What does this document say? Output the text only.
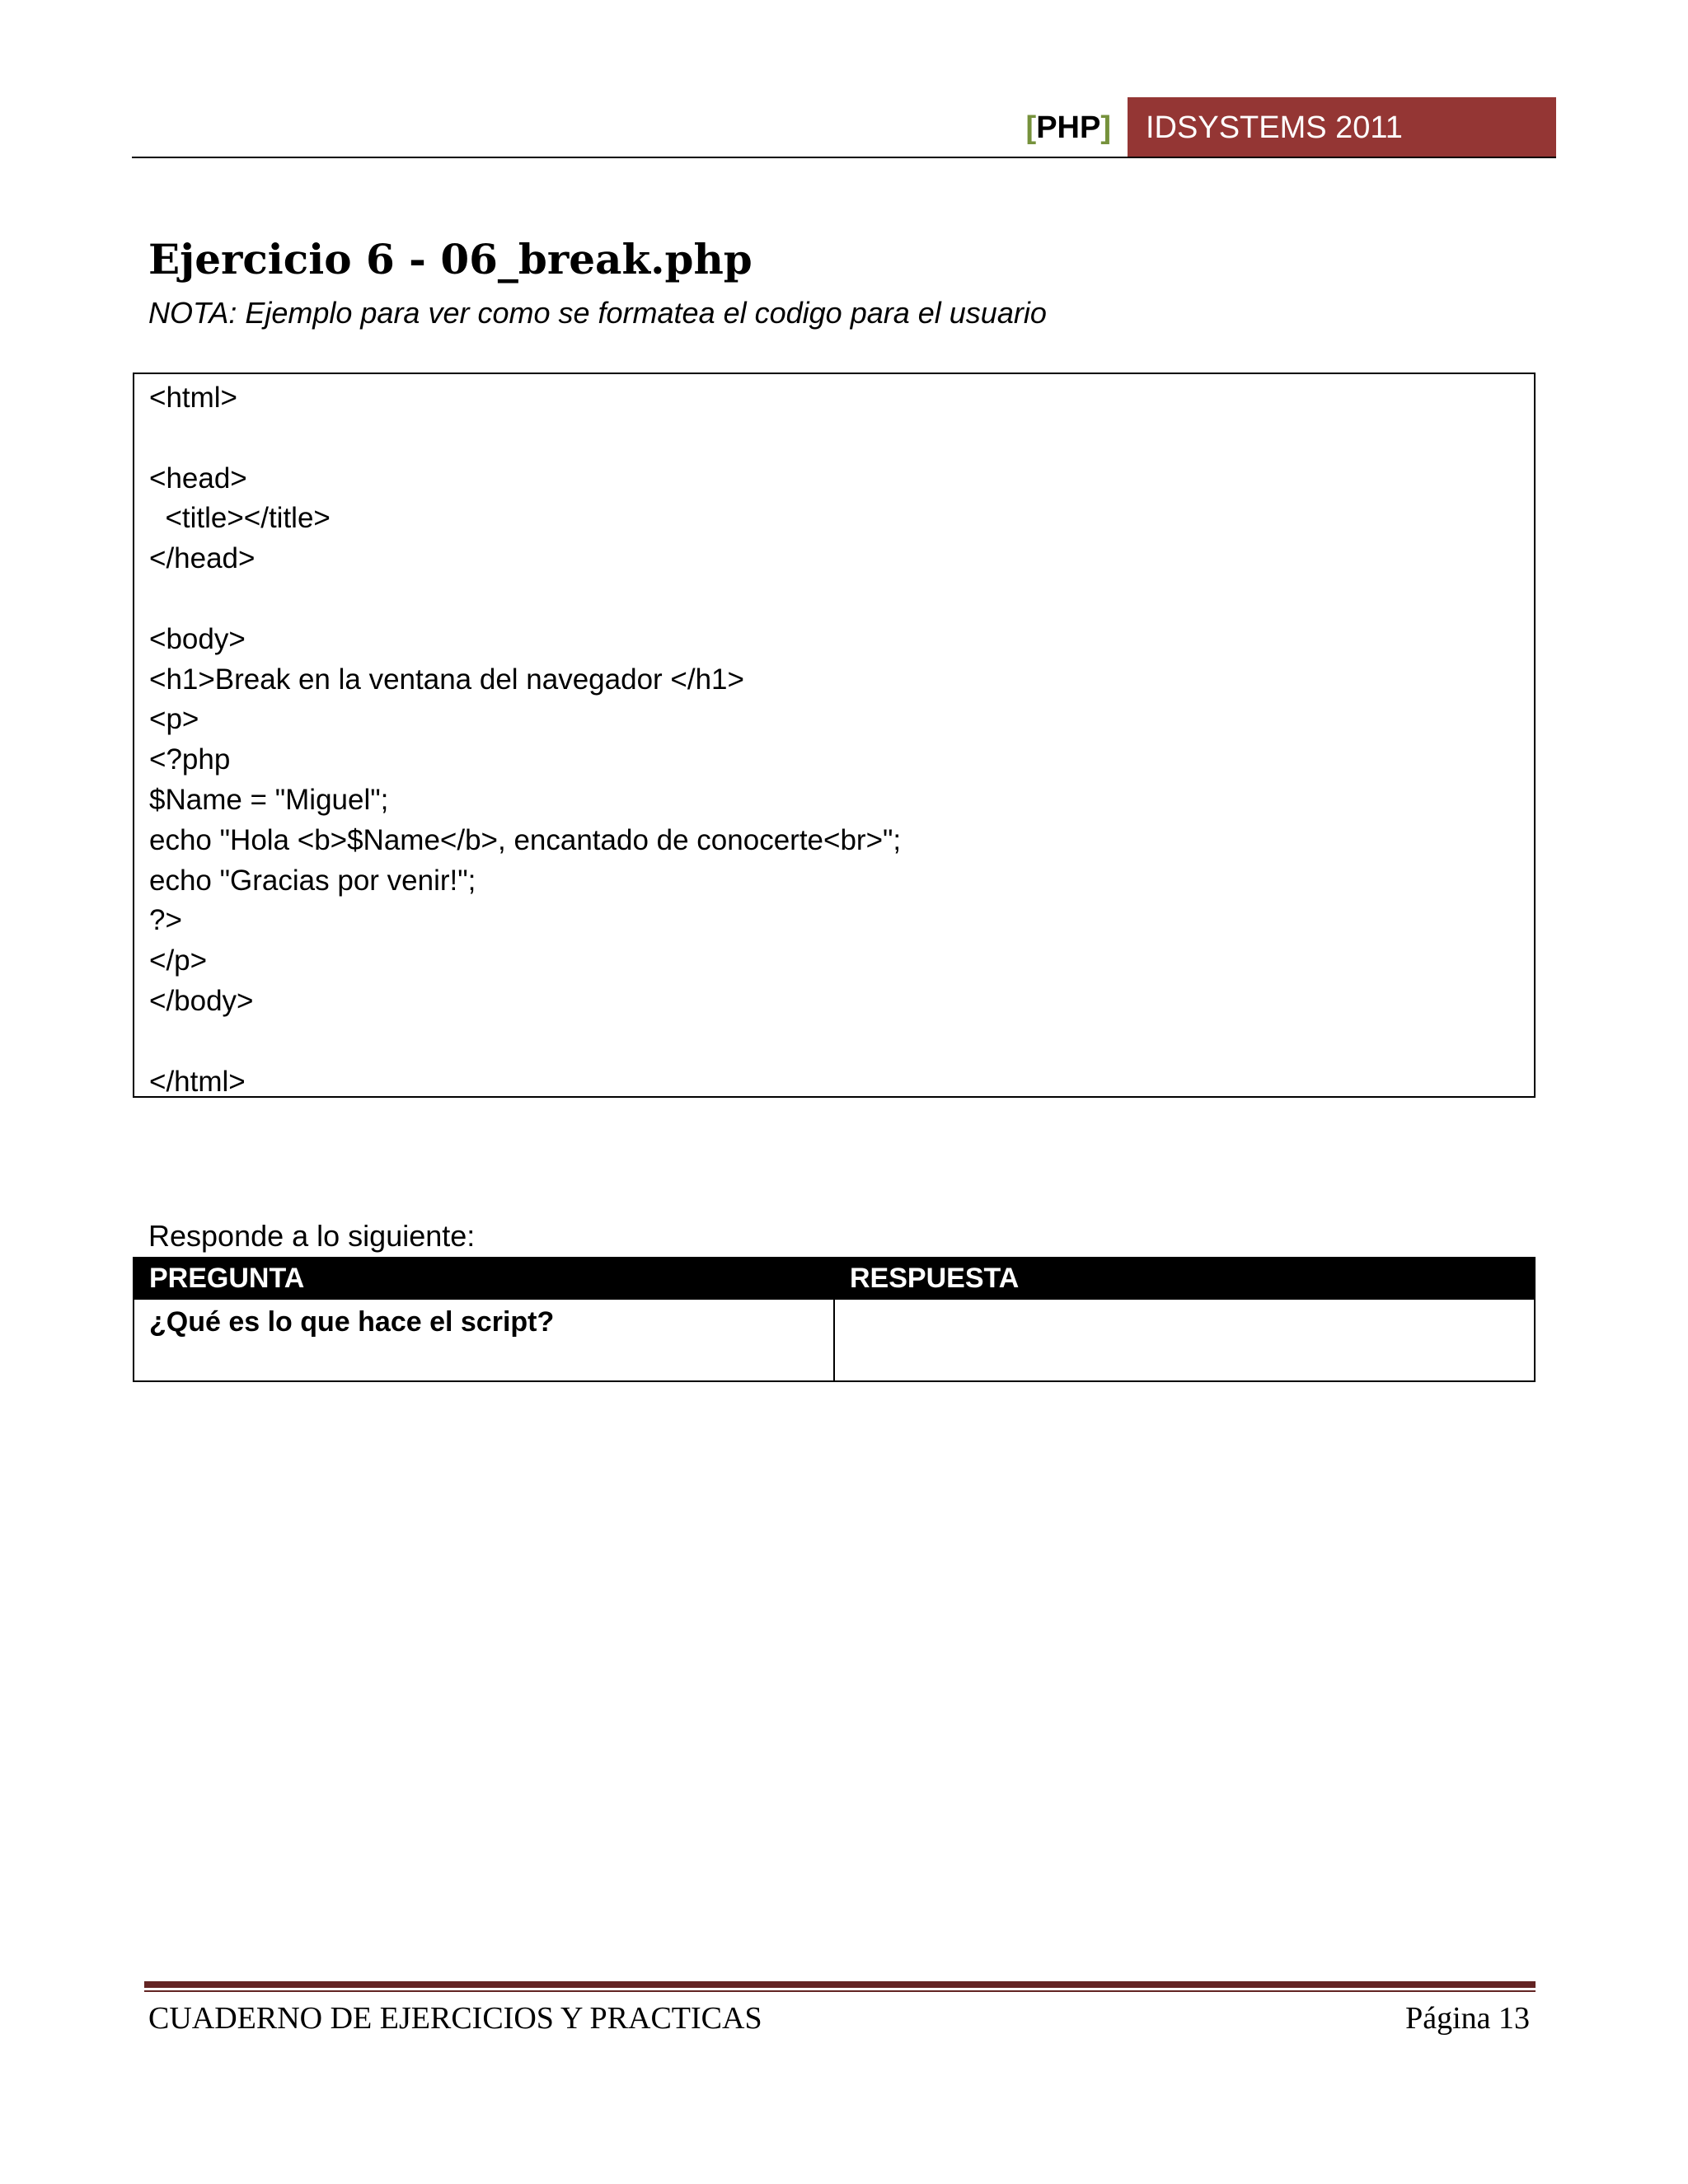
[PHP]	IDSYSTEMS 2011
Ejercicio 6 - 06_break.php
NOTA: Ejemplo para ver como se formatea el codigo para el usuario
<html>
<head>
<title></title>
</head>
<body>
<h1>Break en la ventana del navegador </h1>
<p>
<?php
$Name = "Miguel";
echo "Hola <b>$Name</b>, encantado de conocerte<br>";
echo "Gracias por venir!";
?>
</p>
</body>
</html>
Responde a lo siguiente:
PREGUNTA	RESPUESTA
¿Qué es lo que hace el script?	
CUADERNO DE EJERCICIOS Y PRACTICAS	Página 13
